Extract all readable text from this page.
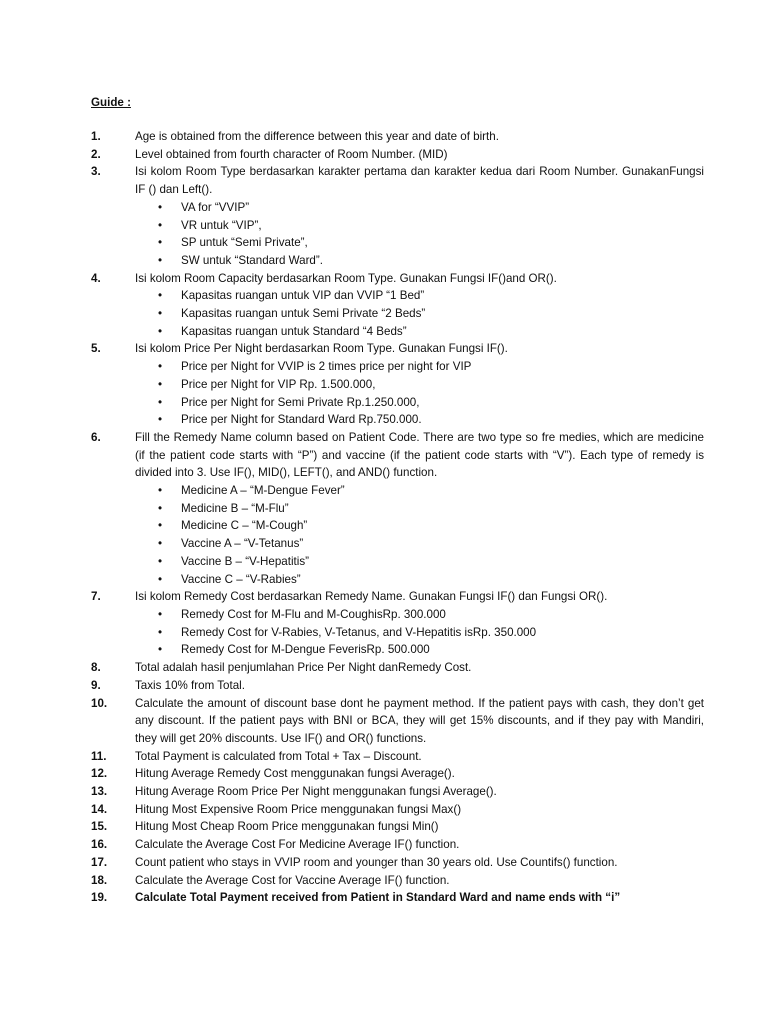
Guide :
1.	Age is obtained from the difference between this year and date of birth.
2.	Level obtained from fourth character of Room Number. (MID)
3.	Isi kolom Room Type berdasarkan karakter pertama dan karakter kedua dari Room Number. GunakanFungsi IF () dan Left().
• VA for “VVIP”
• VR untuk “VIP”,
• SP untuk “Semi Private”,
• SW untuk “Standard Ward”.
4.	Isi kolom Room Capacity berdasarkan Room Type. Gunakan Fungsi IF()and OR().
• Kapasitas ruangan untuk VIP dan VVIP “1 Bed”
• Kapasitas ruangan untuk Semi Private “2 Beds”
• Kapasitas ruangan untuk Standard “4 Beds”
5.	Isi kolom Price Per Night berdasarkan Room Type. Gunakan Fungsi IF().
• Price per Night for VVIP is 2 times price per night for VIP
• Price per Night for VIP Rp. 1.500.000,
• Price per Night for Semi Private Rp.1.250.000,
• Price per Night for Standard Ward Rp.750.000.
6.	Fill the Remedy Name column based on Patient Code. There are two type so fre medies, which are medicine (if the patient code starts with “P”) and vaccine (if the patient code starts with “V”). Each type of remedy is divided into 3. Use IF(), MID(), LEFT(), and AND() function.
• Medicine A – “M-Dengue Fever”
• Medicine B – “M-Flu”
• Medicine C – “M-Cough”
• Vaccine A – “V-Tetanus”
• Vaccine B – “V-Hepatitis”
• Vaccine C – “V-Rabies”
7.	Isi kolom Remedy Cost berdasarkan Remedy Name. Gunakan Fungsi IF() dan Fungsi OR().
• Remedy Cost for M-Flu and M-CoughisRp. 300.000
• Remedy Cost for V-Rabies, V-Tetanus, and V-Hepatitis isRp. 350.000
• Remedy Cost for M-Dengue FeverisRp. 500.000
8.	Total adalah hasil penjumlahan Price Per Night danRemedy Cost.
9.	Taxis 10% from Total.
10.	Calculate the amount of discount base dont he payment method. If the patient pays with cash, they don’t get any discount. If the patient pays with BNI or BCA, they will get 15% discounts, and if they pay with Mandiri, they will get 20% discounts. Use IF() and OR() functions.
11.	Total Payment is calculated from Total + Tax – Discount.
12.	Hitung Average Remedy Cost menggunakan fungsi Average().
13.	Hitung Average Room Price Per Night menggunakan fungsi Average().
14.	Hitung Most Expensive Room Price menggunakan fungsi Max()
15.	Hitung Most Cheap Room Price menggunakan fungsi Min()
16.	Calculate the Average Cost For Medicine Average IF() function.
17.	Count patient who stays in VVIP room and younger than 30 years old. Use Countifs() function.
18.	Calculate the Average Cost for Vaccine Average IF() function.
19.	Calculate Total Payment received from Patient in Standard Ward and name ends with “i”
